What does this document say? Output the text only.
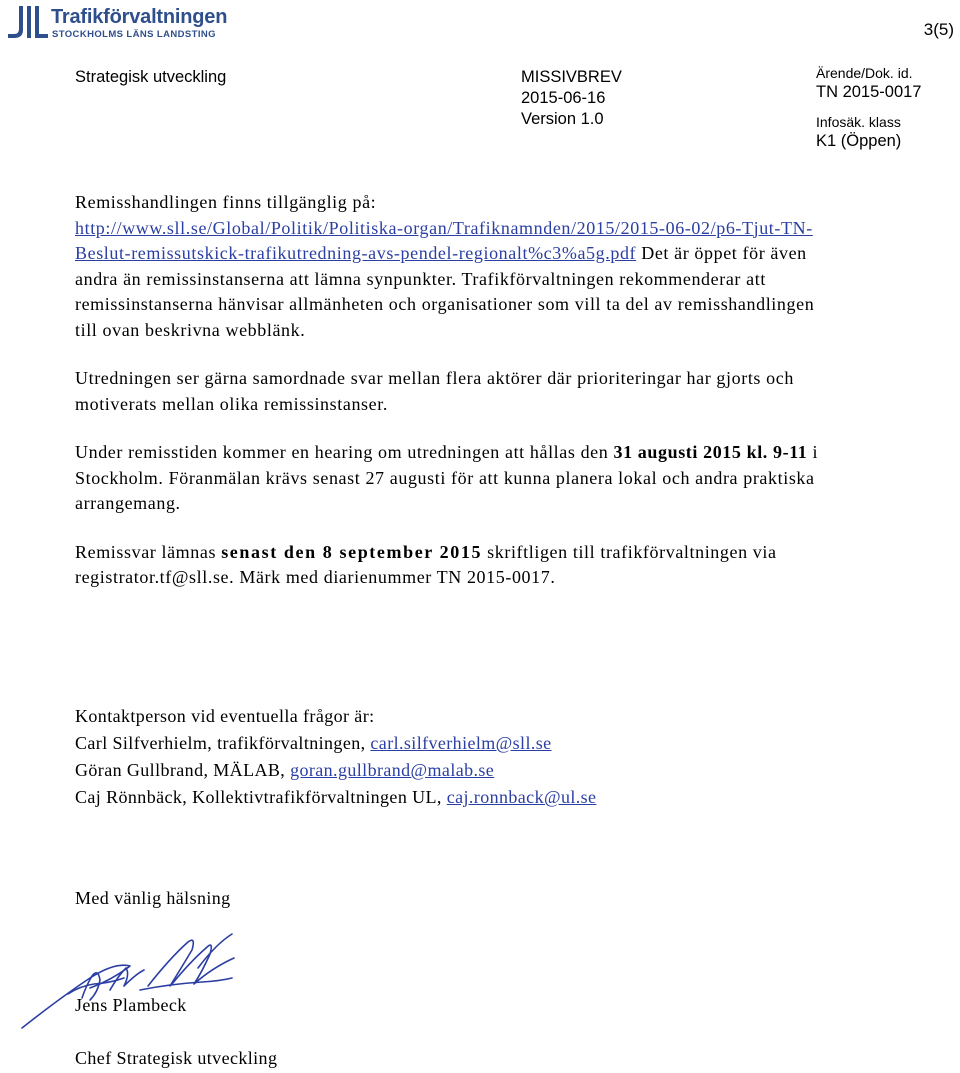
Trafikförvaltningen
STOCKHOLMS LÄNS LANDSTING	3(5)
Strategisk utveckling	MISSIVBREV
2015-06-16
Version 1.0
Ärende/Dok. id.
TN 2015-0017
Infosäk. klass
K1 (Öppen)

Remisshandlingen finns tillgänglig på:
http://www.sll.se/Global/Politik/Politiska-organ/Trafiknamnden/2015/2015-06-02/p6-Tjut-TN-Beslut-remissutskick-trafikutredning-avs-pendel-regionalt%c3%a5g.pdf Det är öppet för även andra än remissinstanserna att lämna synpunkter. Trafikförvaltningen rekommenderar att remissinstanserna hänvisar allmänheten och organisationer som vill ta del av remisshandlingen till ovan beskrivna webblänk.

Utredningen ser gärna samordnade svar mellan flera aktörer där prioriteringar har gjorts och motiverats mellan olika remissinstanser.

Under remisstiden kommer en hearing om utredningen att hållas den 31 augusti 2015 kl. 9-11 i Stockholm. Föranmälan krävs senast 27 augusti för att kunna planera lokal och andra praktiska arrangemang.

Remissvar lämnas senast den 8 september 2015 skriftligen till trafikförvaltningen via registrator.tf@sll.se. Märk med diarienummer TN 2015-0017.

Kontaktperson vid eventuella frågor är:
Carl Silfverhielm, trafikförvaltningen, carl.silfverhielm@sll.se
Göran Gullbrand, MÄLAB, goran.gullbrand@malab.se
Caj Rönnbäck, Kollektivtrafikförvaltningen UL, caj.ronnback@ul.se
Med vänlig hälsning
Jens Plambeck
Chef Strategisk utveckling
